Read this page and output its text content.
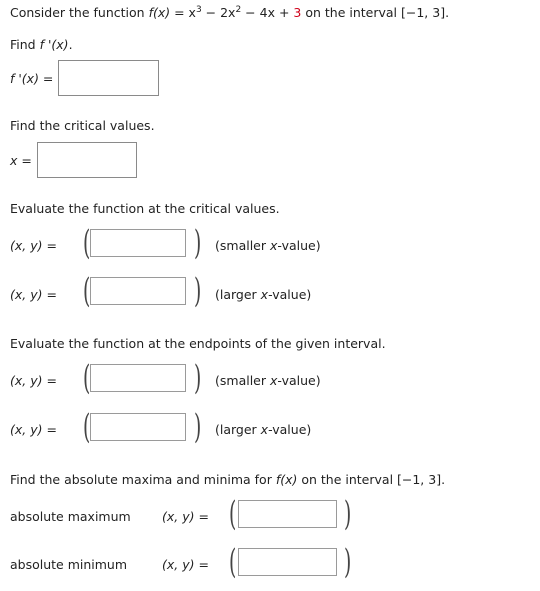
Consider the function $f(x) = x^3 - 2x^2 - 4x + 3$ on the interval [−1, 3].
Find f '(x).
f '(x) =
Find the critical values.
x =
Evaluate the function at the critical values.
(x, y) = (	) (smaller x-value)
(x, y) = (	) (larger x-value)
Evaluate the function at the endpoints of the given interval.
(x, y) = (	) (smaller x-value)
(x, y) = (	) (larger x-value)
Find the absolute maxima and minima for f(x) on the interval [−1, 3].
absolute maximum	(x, y) = (	)
absolute minimum	(x, y) = (	)
